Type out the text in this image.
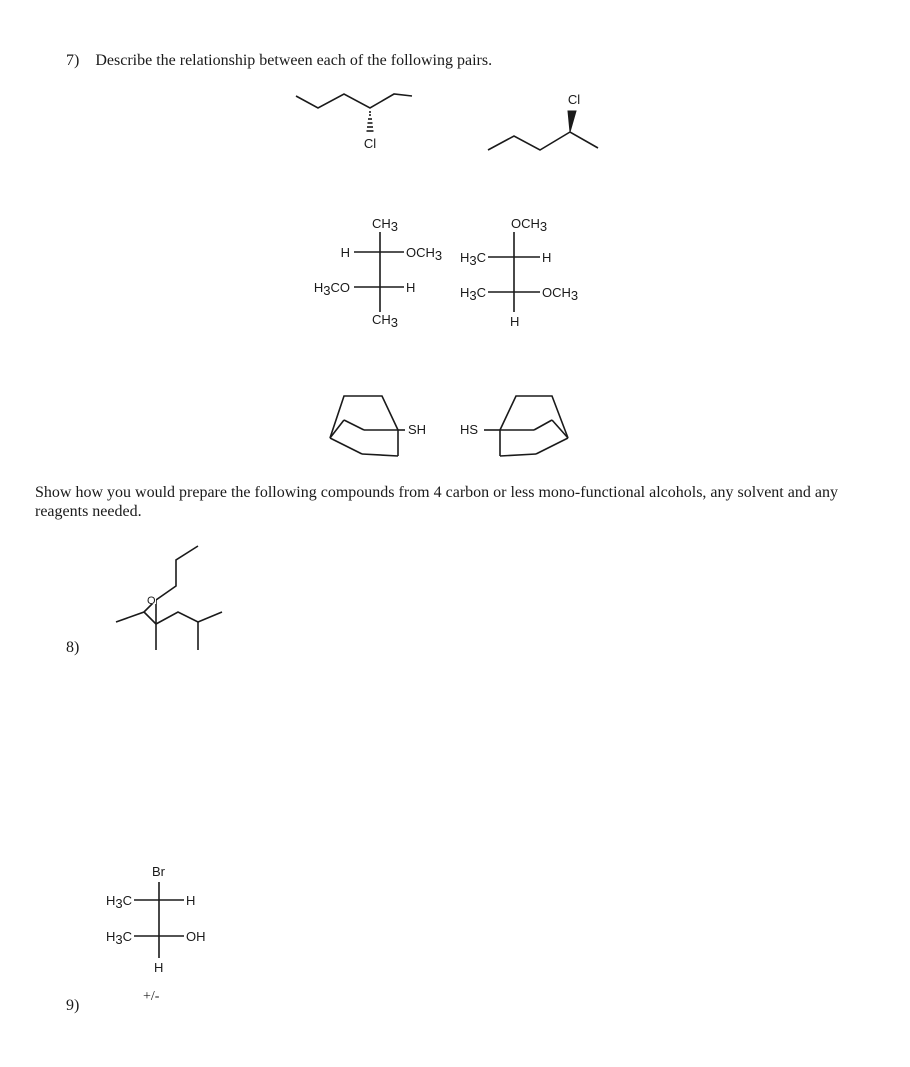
7) Describe the relationship between each of the following pairs.
Cl
Cl
CH3
H	OCH3
H3CO	H
CH3
OCH3
H3C	H
H3C	OCH3
H
SH	HS
O
Br
H3C	H
H3C	OH
H
+/-
Show how you would prepare the following compounds from 4 carbon or less mono-functional alcohols, any solvent and any reagents needed.
8)
9)
